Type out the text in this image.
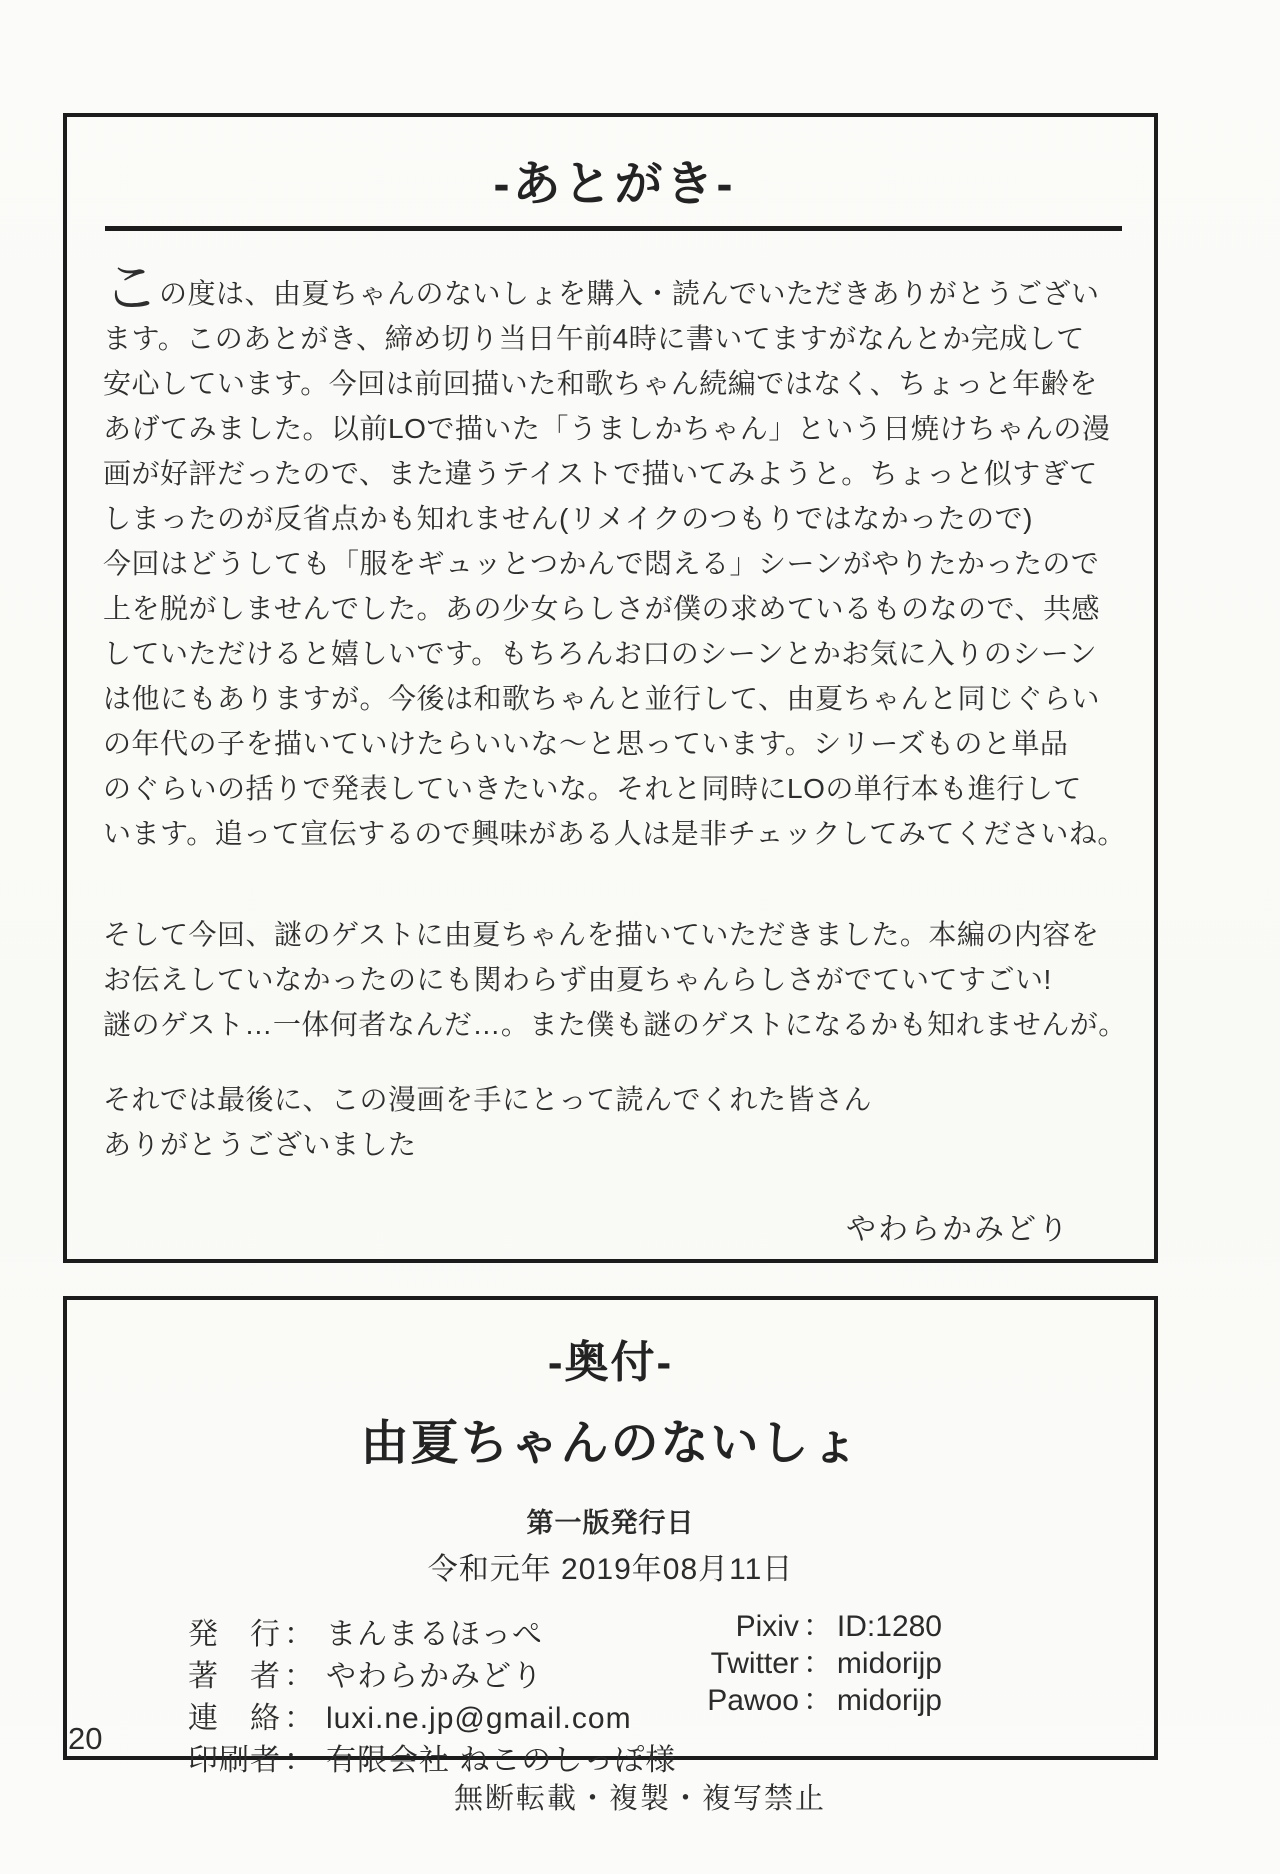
-あとがき-
この度は、由夏ちゃんのないしょを購入・読んでいただきありがとうござい
ます。このあとがき、締め切り当日午前4時に書いてますがなんとか完成して
安心しています。今回は前回描いた和歌ちゃん続編ではなく、ちょっと年齢を
あげてみました。以前LOで描いた「うましかちゃん」という日焼けちゃんの漫
画が好評だったので、また違うテイストで描いてみようと。ちょっと似すぎて
しまったのが反省点かも知れません(リメイクのつもりではなかったので)
今回はどうしても「服をギュッとつかんで悶える」シーンがやりたかったので
上を脱がしませんでした。あの少女らしさが僕の求めているものなので、共感
していただけると嬉しいです。もちろんお口のシーンとかお気に入りのシーン
は他にもありますが。今後は和歌ちゃんと並行して、由夏ちゃんと同じぐらい
の年代の子を描いていけたらいいな〜と思っています。シリーズものと単品
のぐらいの括りで発表していきたいな。それと同時にLOの単行本も進行して
います。追って宣伝するので興味がある人は是非チェックしてみてくださいね。
そして今回、謎のゲストに由夏ちゃんを描いていただきました。本編の内容を
お伝えしていなかったのにも関わらず由夏ちゃんらしさがでていてすごい!
謎のゲスト…一体何者なんだ…。また僕も謎のゲストになるかも知れませんが。
それでは最後に、この漫画を手にとって読んでくれた皆さん
ありがとうございました
やわらかみどり
-奥付-
由夏ちゃんのないしょ
第一版発行日
令和元年 2019年08月11日
発　行 ： まんまるほっぺ
著　者 ： やわらかみどり
連　絡 ： luxi.ne.jp@gmail.com
印刷者 ： 有限会社 ねこのしっぽ様
Pixiv ： ID:1280
Twitter ： midorijp
Pawoo ： midorijp
20
無断転載・複製・複写禁止
